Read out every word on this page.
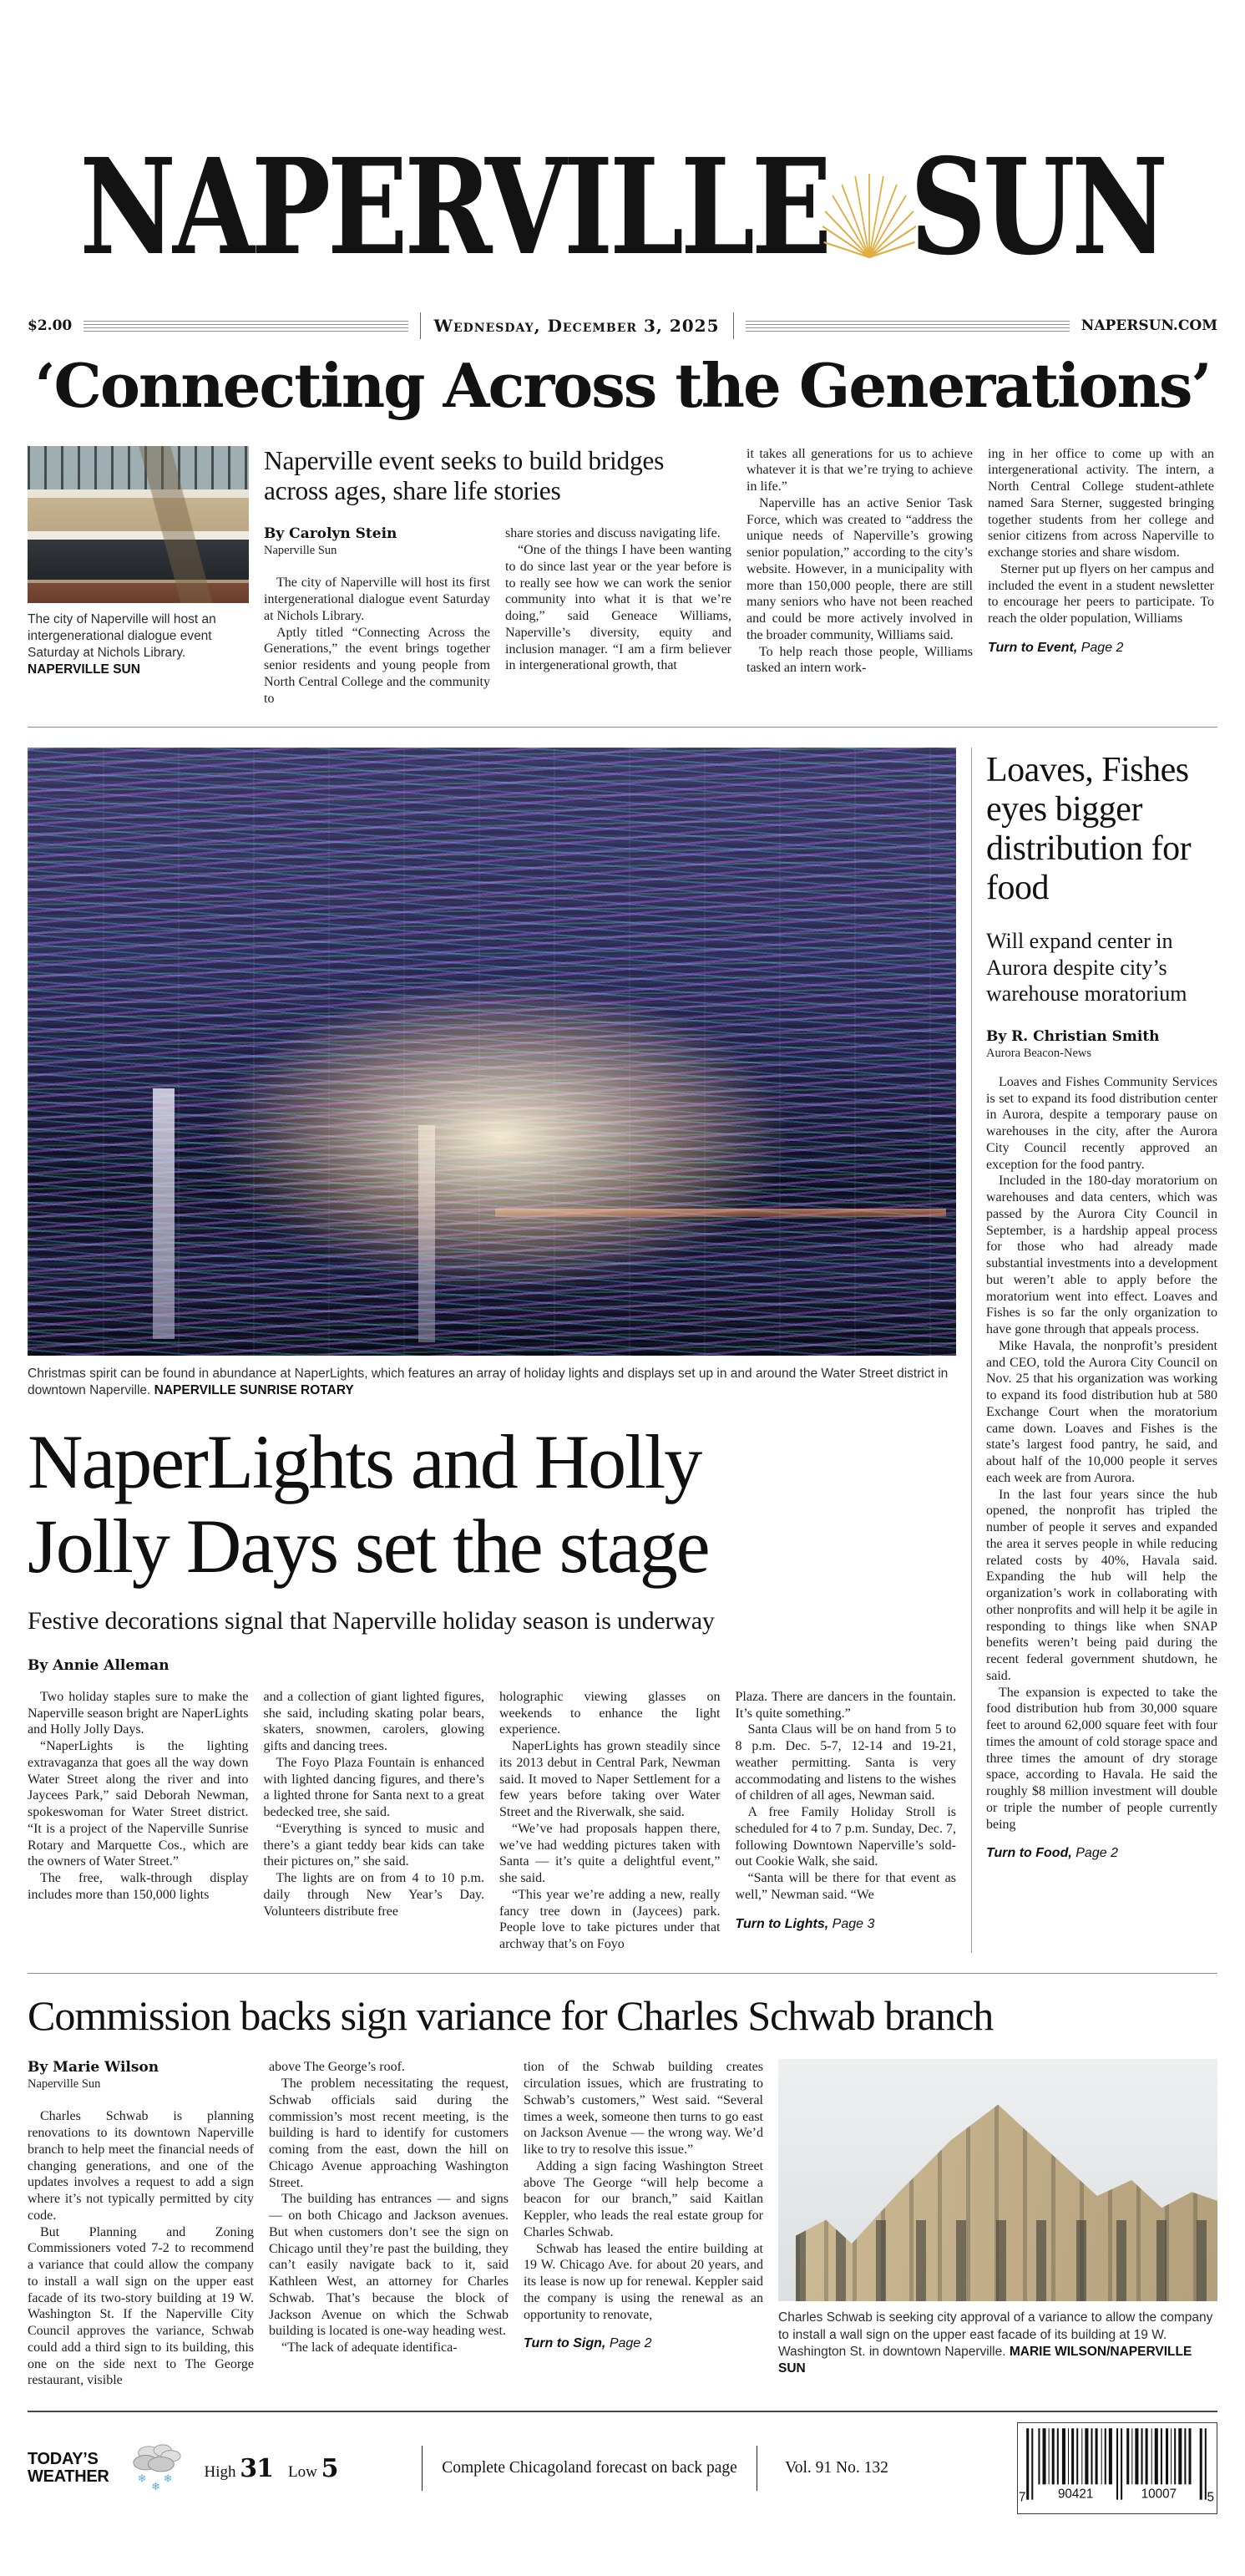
NAPERVILLE SUN
$2.00	Wednesday, December 3, 2025	NAPERSUN.COM
‘Connecting Across the Generations’

The city of Naperville will host an intergenerational dialogue event Saturday at Nichols Library. NAPERVILLE SUN

Naperville event seeks to build bridges across ages, share life stories
By Carolyn Stein
Naperville Sun

The city of Naperville will host its first intergenerational dialogue event Saturday at Nichols Library.

Aptly titled “Connecting Across the Generations,” the event brings together senior residents and young people from North Central College and the community to

share stories and discuss navigating life.

“One of the things I have been wanting to do since last year or the year before is to really see how we can work the senior community into what it is that we’re doing,” said Geneace Williams, Naperville’s diversity, equity and inclusion manager. “I am a firm believer in intergenerational growth, that

it takes all generations for us to achieve whatever it is that we’re trying to achieve in life.”

Naperville has an active Senior Task Force, which was created to “address the unique needs of Naperville’s growing senior population,” according to the city’s website. However, in a municipality with more than 150,000 people, there are still many seniors who have not been reached and could be more actively involved in the broader community, Williams said.

To help reach those people, Williams tasked an intern work-

ing in her office to come up with an intergenerational activity. The intern, a North Central College student-athlete named Sara Sterner, suggested bringing together students from her college and senior citizens from across Naperville to exchange stories and share wisdom.

Sterner put up flyers on her campus and included the event in a student newsletter to encourage her peers to participate. To reach the older population, Williams

Turn to Event, Page 2

Christmas spirit can be found in abundance at NaperLights, which features an array of holiday lights and displays set up in and around the Water Street district in downtown Naperville. NAPERVILLE SUNRISE ROTARY

NaperLights and Holly
Jolly Days set the stage
Festive decorations signal that Naperville holiday season is underway
By Annie Alleman

Two holiday staples sure to make the Naperville season bright are NaperLights and Holly Jolly Days.

“NaperLights is the lighting extravaganza that goes all the way down Water Street along the river and into Jaycees Park,” said Deborah Newman, spokeswoman for Water Street district. “It is a project of the Naperville Sunrise Rotary and Marquette Cos., which are the owners of Water Street.”

The free, walk-through display includes more than 150,000 lights

and a collection of giant lighted figures, she said, including skating polar bears, skaters, snowmen, carolers, glowing gifts and dancing trees.

The Foyo Plaza Fountain is enhanced with lighted dancing figures, and there’s a lighted throne for Santa next to a great bedecked tree, she said.

“Everything is synced to music and there’s a giant teddy bear kids can take their pictures on,” she said.

The lights are on from 4 to 10 p.m. daily through New Year’s Day. Volunteers distribute free

holographic viewing glasses on weekends to enhance the light experience.

NaperLights has grown steadily since its 2013 debut in Central Park, Newman said. It moved to Naper Settlement for a few years before taking over Water Street and the Riverwalk, she said.

“We’ve had proposals happen there, we’ve had wedding pictures taken with Santa — it’s quite a delightful event,” she said.

“This year we’re adding a new, really fancy tree down in (Jaycees) park. People love to take pictures under that archway that’s on Foyo

Plaza. There are dancers in the fountain. It’s quite something.”

Santa Claus will be on hand from 5 to 8 p.m. Dec. 5-7, 12-14 and 19-21, weather permitting. Santa is very accommodating and listens to the wishes of children of all ages, Newman said.

A free Family Holiday Stroll is scheduled for 4 to 7 p.m. Sunday, Dec. 7, following Downtown Naperville’s sold-out Cookie Walk, she said.

“Santa will be there for that event as well,” Newman said. “We

Turn to Lights, Page 3

Loaves, Fishes eyes bigger distribution for food
Will expand center in Aurora despite city’s warehouse moratorium
By R. Christian Smith
Aurora Beacon-News

Loaves and Fishes Community Services is set to expand its food distribution center in Aurora, despite a temporary pause on warehouses in the city, after the Aurora City Council recently approved an exception for the food pantry.

Included in the 180-day moratorium on warehouses and data centers, which was passed by the Aurora City Council in September, is a hardship appeal process for those who had already made substantial investments into a development but weren’t able to apply before the moratorium went into effect. Loaves and Fishes is so far the only organization to have gone through that appeals process.

Mike Havala, the nonprofit’s president and CEO, told the Aurora City Council on Nov. 25 that his organization was working to expand its food distribution hub at 580 Exchange Court when the moratorium came down. Loaves and Fishes is the state’s largest food pantry, he said, and about half of the 10,000 people it serves each week are from Aurora.

In the last four years since the hub opened, the nonprofit has tripled the number of people it serves and expanded the area it serves people in while reducing related costs by 40%, Havala said. Expanding the hub will help the organization’s work in collaborating with other nonprofits and will help it be agile in responding to things like when SNAP benefits weren’t being paid during the recent federal government shutdown, he said.

The expansion is expected to take the food distribution hub from 30,000 square feet to around 62,000 square feet with four times the amount of cold storage space and three times the amount of dry storage space, according to Havala. He said the roughly $8 million investment will double or triple the number of people currently being

Turn to Food, Page 2

Commission backs sign variance for Charles Schwab branch
By Marie Wilson
Naperville Sun

Charles Schwab is planning renovations to its downtown Naperville branch to help meet the financial needs of changing generations, and one of the updates involves a request to add a sign where it’s not typically permitted by city code.

But Planning and Zoning Commissioners voted 7-2 to recommend a variance that could allow the company to install a wall sign on the upper east facade of its two-story building at 19 W. Washington St. If the Naperville City Council approves the variance, Schwab could add a third sign to its building, this one on the side next to The George restaurant, visible

above The George’s roof.

The problem necessitating the request, Schwab officials said during the commission’s most recent meeting, is the building is hard to identify for customers coming from the east, down the hill on Chicago Avenue approaching Washington Street.

The building has entrances — and signs — on both Chicago and Jackson avenues. But when customers don’t see the sign on Chicago until they’re past the building, they can’t easily navigate back to it, said Kathleen West, an attorney for Charles Schwab. That’s because the block of Jackson Avenue on which the Schwab building is located is one-way heading west.

“The lack of adequate identifica-

tion of the Schwab building creates circulation issues, which are frustrating to Schwab’s customers,” West said. “Several times a week, someone then turns to go east on Jackson Avenue — the wrong way. We’d like to try to resolve this issue.”

Adding a sign facing Washington Street above The George “will help become a beacon for our branch,” said Kaitlan Keppler, who leads the real estate group for Charles Schwab.

Schwab has leased the entire building at 19 W. Chicago Ave. for about 20 years, and its lease is now up for renewal. Keppler said the company is using the renewal as an opportunity to renovate,

Turn to Sign, Page 2

Charles Schwab is seeking city approval of a variance to allow the company to install a wall sign on the upper east facade of its building at 19 W. Washington St. in downtown Naperville. MARIE WILSON/NAPERVILLE SUN

TODAY’S
WEATHER	❄
❄
❄ High 31 Low 5	Complete Chicagoland forecast on back page	Vol. 91 No. 132
7	90421	10007 5
